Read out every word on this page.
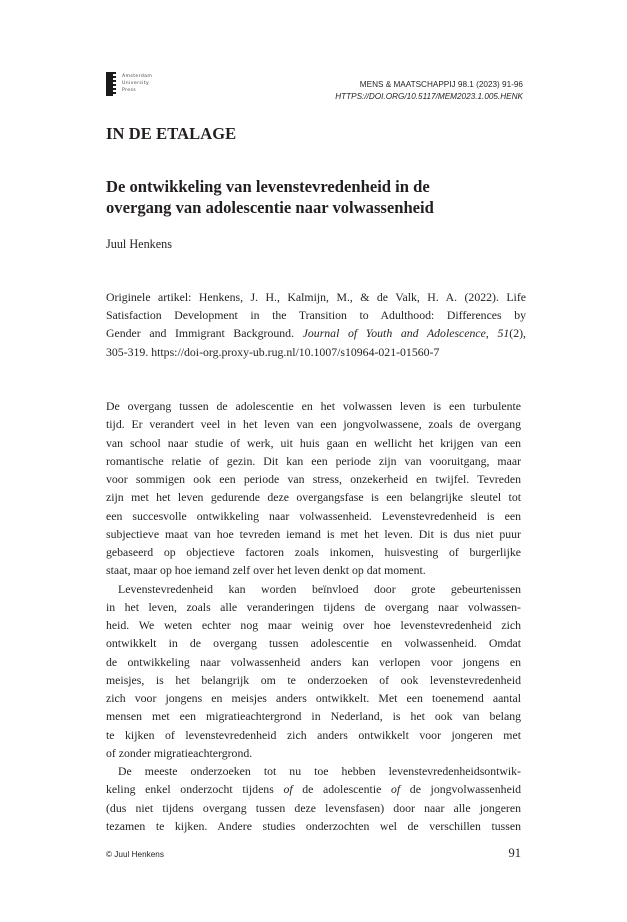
Amsterdam
University
Press
MENS & MAATSCHAPPIJ 98.1 (2023) 91-96
HTTPS://DOI.ORG/10.5117/MEM2023.1.005.HENK
IN DE ETALAGE
De ontwikkeling van levenstevredenheid in de
overgang van adolescentie naar volwassenheid
Juul Henkens
Originele artikel: Henkens, J. H., Kalmijn, M., & de Valk, H. A. (2022). Life
Satisfaction Development in the Transition to Adulthood: Differences by
Gender and Immigrant Background. Journal of Youth and Adolescence, 51(2),
305-319. https://doi-org.proxy-ub.rug.nl/10.1007/s10964-021-01560-7
De overgang tussen de adolescentie en het volwassen leven is een turbulente
tijd. Er verandert veel in het leven van een jongvolwassene, zoals de overgang
van school naar studie of werk, uit huis gaan en wellicht het krijgen van een
romantische relatie of gezin. Dit kan een periode zijn van vooruitgang, maar
voor sommigen ook een periode van stress, onzekerheid en twijfel. Tevreden
zijn met het leven gedurende deze overgangsfase is een belangrijke sleutel tot
een succesvolle ontwikkeling naar volwassenheid. Levenstevredenheid is een
subjectieve maat van hoe tevreden iemand is met het leven. Dit is dus niet puur
gebaseerd op objectieve factoren zoals inkomen, huisvesting of burgerlijke
staat, maar op hoe iemand zelf over het leven denkt op dat moment.
Levenstevredenheid kan worden beïnvloed door grote gebeurtenissen
in het leven, zoals alle veranderingen tijdens de overgang naar volwassen-
heid. We weten echter nog maar weinig over hoe levenstevredenheid zich
ontwikkelt in de overgang tussen adolescentie en volwassenheid. Omdat
de ontwikkeling naar volwassenheid anders kan verlopen voor jongens en
meisjes, is het belangrijk om te onderzoeken of ook levenstevredenheid
zich voor jongens en meisjes anders ontwikkelt. Met een toenemend aantal
mensen met een migratieachtergrond in Nederland, is het ook van belang
te kijken of levenstevredenheid zich anders ontwikkelt voor jongeren met
of zonder migratieachtergrond.
De meeste onderzoeken tot nu toe hebben levenstevredenheidsontwik-
keling enkel onderzocht tijdens of de adolescentie of de jongvolwassenheid
(dus niet tijdens overgang tussen deze levensfasen) door naar alle jongeren
tezamen te kijken. Andere studies onderzochten wel de verschillen tussen
© Juul Henkens	91
